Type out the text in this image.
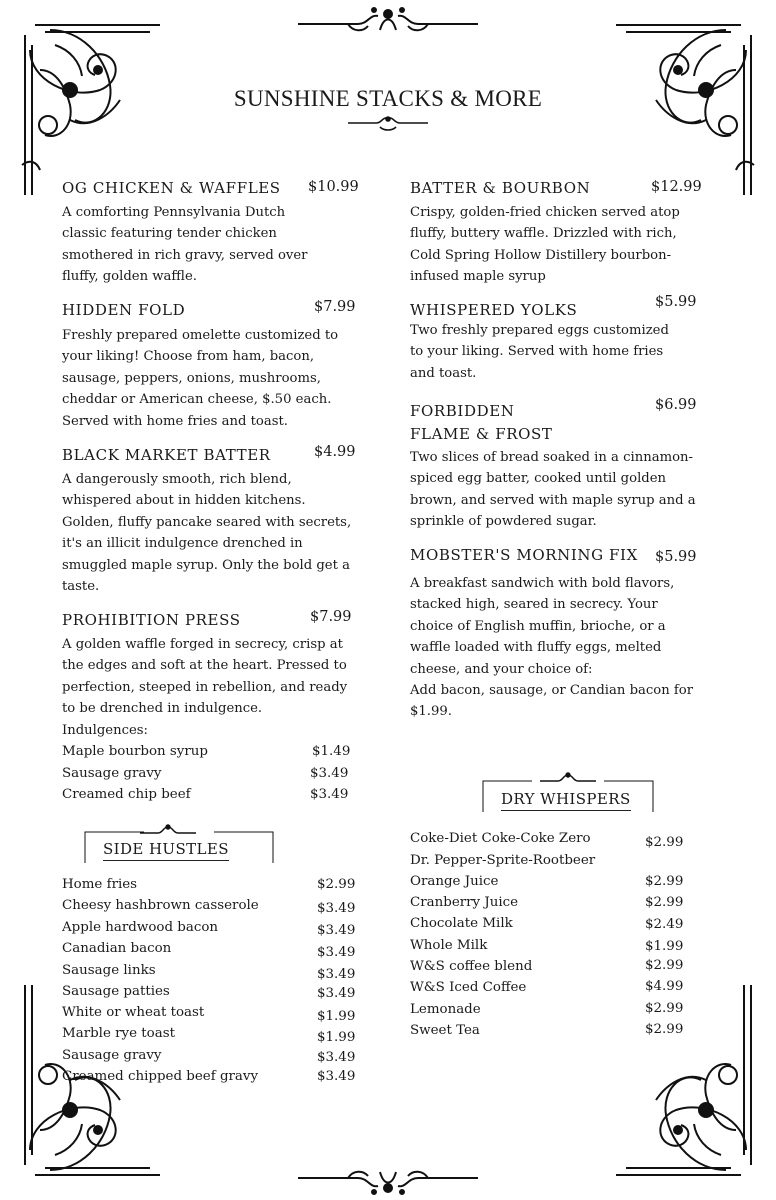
SUNSHINE STACKS & MORE
OG CHICKEN & WAFFLES $10.99
A comforting Pennsylvania Dutch
classic featuring tender chicken
smothered in rich gravy, served over
fluffy, golden waffle.
HIDDEN FOLD	$7.99
Freshly prepared omelette customized to
your liking! Choose from ham, bacon,
sausage, peppers, onions, mushrooms,
cheddar or American cheese, $.50 each.
Served with home fries and toast.
BLACK MARKET BATTER	$4.99
A dangerously smooth, rich blend,
whispered about in hidden kitchens.
Golden, fluffy pancake seared with secrets,
it's an illicit indulgence drenched in
smuggled maple syrup. Only the bold get a
taste.
PROHIBITION PRESS	$7.99
A golden waffle forged in secrecy, crisp at
the edges and soft at the heart. Pressed to
perfection, steeped in rebellion, and ready
to be drenched in indulgence.
Indulgences:
Maple bourbon syrup	$1.49
Sausage gravy	$3.49
Creamed chip beef	$3.49
SIDE HUSTLES
Home fries	$2.99
Cheesy hashbrown casserole	$3.49
Apple hardwood bacon	$3.49
Canadian bacon	$3.49
Sausage links	$3.49
Sausage patties	$3.49
White or wheat toast	$1.99
Marble rye toast	$1.99
Sausage gravy	$3.49
Creamed chipped beef gravy	$3.49
BATTER & BOURBON	$12.99
Crispy, golden-fried chicken served atop
fluffy, buttery waffle. Drizzled with rich,
Cold Spring Hollow Distillery bourbon-
infused maple syrup
WHISPERED YOLKS	$5.99
Two freshly prepared eggs customized
to your liking. Served with home fries
and toast.
FORBIDDEN
FLAME & FROST
$6.99
Two slices of bread soaked in a cinnamon-
spiced egg batter, cooked until golden
brown, and served with maple syrup and a
sprinkle of powdered sugar.
MOBSTER'S MORNING FIX $5.99
A breakfast sandwich with bold flavors,
stacked high, seared in secrecy. Your
choice of English muffin, brioche, or a
waffle loaded with fluffy eggs, melted
cheese, and your choice of:
Add bacon, sausage, or Candian bacon for
$1.99.
DRY WHISPERS
Coke-Diet Coke-Coke Zero	$2.99
Dr. Pepper-Sprite-Rootbeer
Orange Juice	$2.99
Cranberry Juice	$2.99
Chocolate Milk	$2.49
Whole Milk	$1.99
W&S coffee blend	$2.99
W&S Iced Coffee	$4.99
Lemonade	$2.99
Sweet Tea	$2.99
